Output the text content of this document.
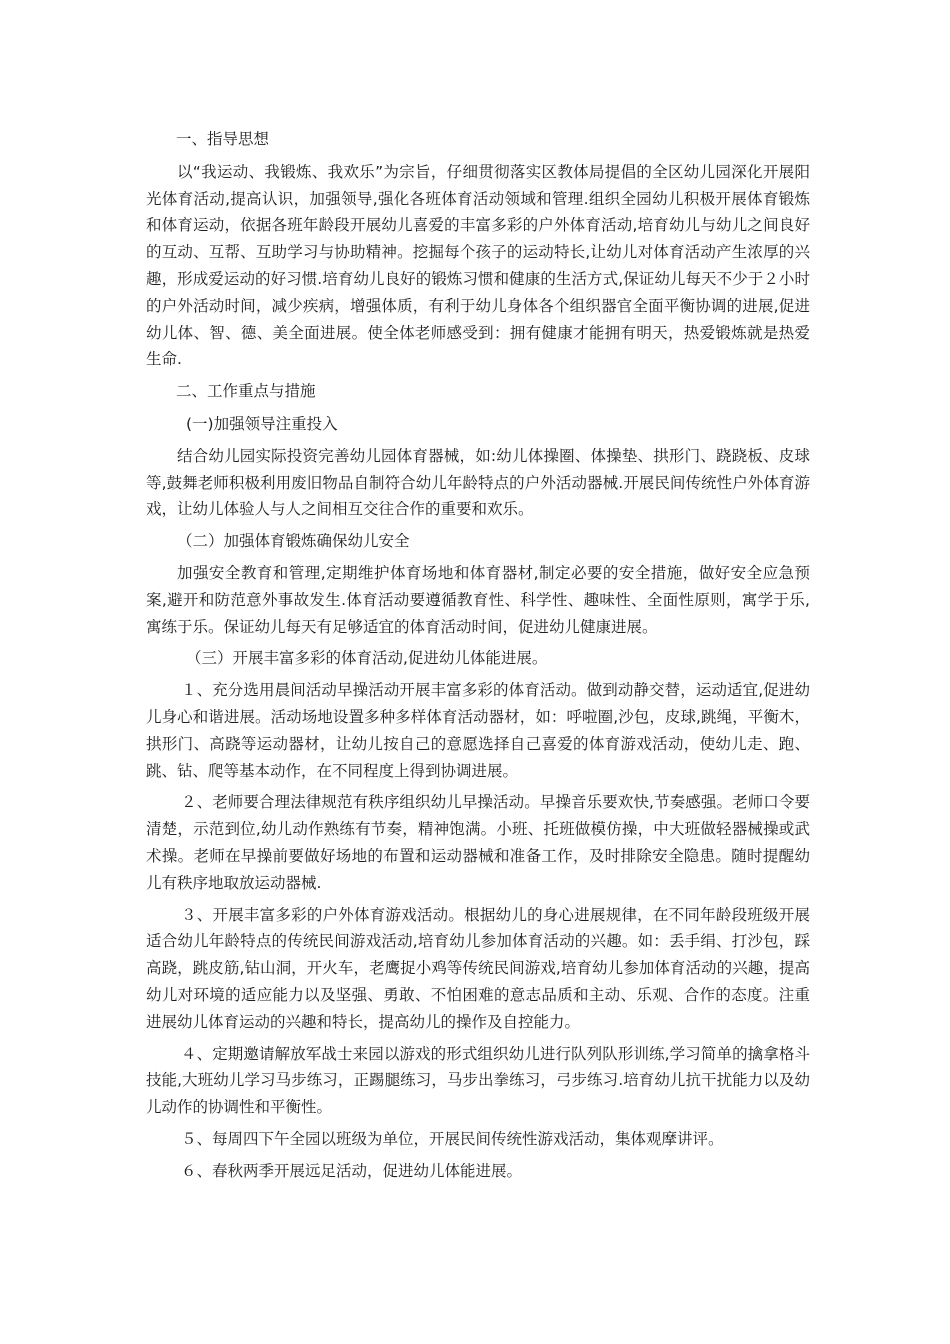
一、指导思想

以“我运动、我锻炼、我欢乐”为宗旨，仔细贯彻落实区教体局提倡的全区幼儿园深化开展阳光体育活动,提高认识，加强领导,强化各班体育活动领域和管理.组织全园幼儿积极开展体育锻炼和体育运动，依据各班年龄段开展幼儿喜爱的丰富多彩的户外体育活动,培育幼儿与幼儿之间良好的互动、互帮、互助学习与协助精神。挖掘每个孩子的运动特长,让幼儿对体育活动产生浓厚的兴趣，形成爱运动的好习惯.培育幼儿良好的锻炼习惯和健康的生活方式,保证幼儿每天不少于２小时的户外活动时间，减少疾病，增强体质，有利于幼儿身体各个组织器官全面平衡协调的进展,促进幼儿体、智、德、美全面进展。使全体老师感受到：拥有健康才能拥有明天，热爱锻炼就是热爱生命.

二、工作重点与措施

(一)加强领导注重投入

结合幼儿园实际投资完善幼儿园体育器械，如:幼儿体操圈、体操垫、拱形门、跷跷板、皮球等,鼓舞老师积极利用废旧物品自制符合幼儿年龄特点的户外活动器械.开展民间传统性户外体育游戏，让幼儿体验人与人之间相互交往合作的重要和欢乐。

（二）加强体育锻炼确保幼儿安全

加强安全教育和管理,定期维护体育场地和体育器材,制定必要的安全措施，做好安全应急预案,避开和防范意外事故发生.体育活动要遵循教育性、科学性、趣味性、全面性原则，寓学于乐,寓练于乐。保证幼儿每天有足够适宜的体育活动时间，促进幼儿健康进展。

（三）开展丰富多彩的体育活动,促进幼儿体能进展。

１、充分选用晨间活动早操活动开展丰富多彩的体育活动。做到动静交替，运动适宜,促进幼儿身心和谐进展。活动场地设置多种多样体育活动器材，如：呼啦圈,沙包，皮球,跳绳，平衡木，拱形门、高跷等运动器材，让幼儿按自己的意愿选择自己喜爱的体育游戏活动，使幼儿走、跑、跳、钻、爬等基本动作，在不同程度上得到协调进展。

２、老师要合理法律规范有秩序组织幼儿早操活动。早操音乐要欢快,节奏感强。老师口令要清楚，示范到位,幼儿动作熟练有节奏，精神饱满。小班、托班做模仿操，中大班做轻器械操或武术操。老师在早操前要做好场地的布置和运动器械和准备工作，及时排除安全隐患。随时提醒幼儿有秩序地取放运动器械.

３、开展丰富多彩的户外体育游戏活动。根据幼儿的身心进展规律，在不同年龄段班级开展适合幼儿年龄特点的传统民间游戏活动,培育幼儿参加体育活动的兴趣。如：丢手绢、打沙包，踩高跷，跳皮筋,钻山洞，开火车，老鹰捉小鸡等传统民间游戏,培育幼儿参加体育活动的兴趣，提高幼儿对环境的适应能力以及坚强、勇敢、不怕困难的意志品质和主动、乐观、合作的态度。注重进展幼儿体育运动的兴趣和特长，提高幼儿的操作及自控能力。

４、定期邀请解放军战士来园以游戏的形式组织幼儿进行队列队形训练,学习简单的擒拿格斗技能,大班幼儿学习马步练习，正踢腿练习，马步出拳练习，弓步练习.培育幼儿抗干扰能力以及幼儿动作的协调性和平衡性。

５、每周四下午全园以班级为单位，开展民间传统性游戏活动，集体观摩讲评。

６、春秋两季开展远足活动，促进幼儿体能进展。
